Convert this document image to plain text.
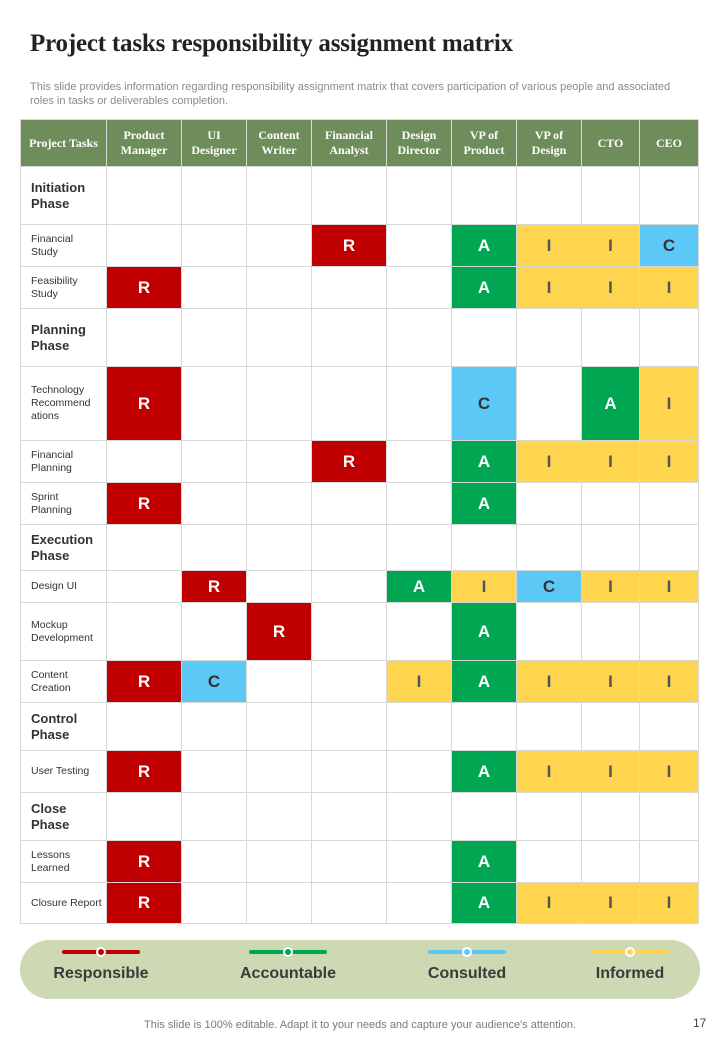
Project tasks responsibility assignment matrix
This slide provides information regarding responsibility assignment matrix that covers participation of various people and associated roles in tasks or deliverables completion.
Project Tasks	Product Manager	UI Designer	Content Writer	Financial Analyst	Design Director	VP of Product	VP of Design	CTO	CEO
Initiation Phase									
Financial Study				R		A	I	I	C
Feasibility Study	R					A	I	I	I
Planning Phase									
Technology Recommend ations	R					C		A	I
Financial Planning				R		A	I	I	I
Sprint Planning	R					A			
Execution Phase									
Design UI		R			A	I	C	I	I
Mockup Development			R			A			
Content Creation	R	C			I	A	I	I	I
Control Phase									
User Testing	R					A	I	I	I
Close Phase									
Lessons Learned	R					A			
Closure Report	R					A	I	I	I
Responsible	Accountable	Consulted	Informed
This slide is 100% editable. Adapt it to your needs and capture your audience's attention.	17
